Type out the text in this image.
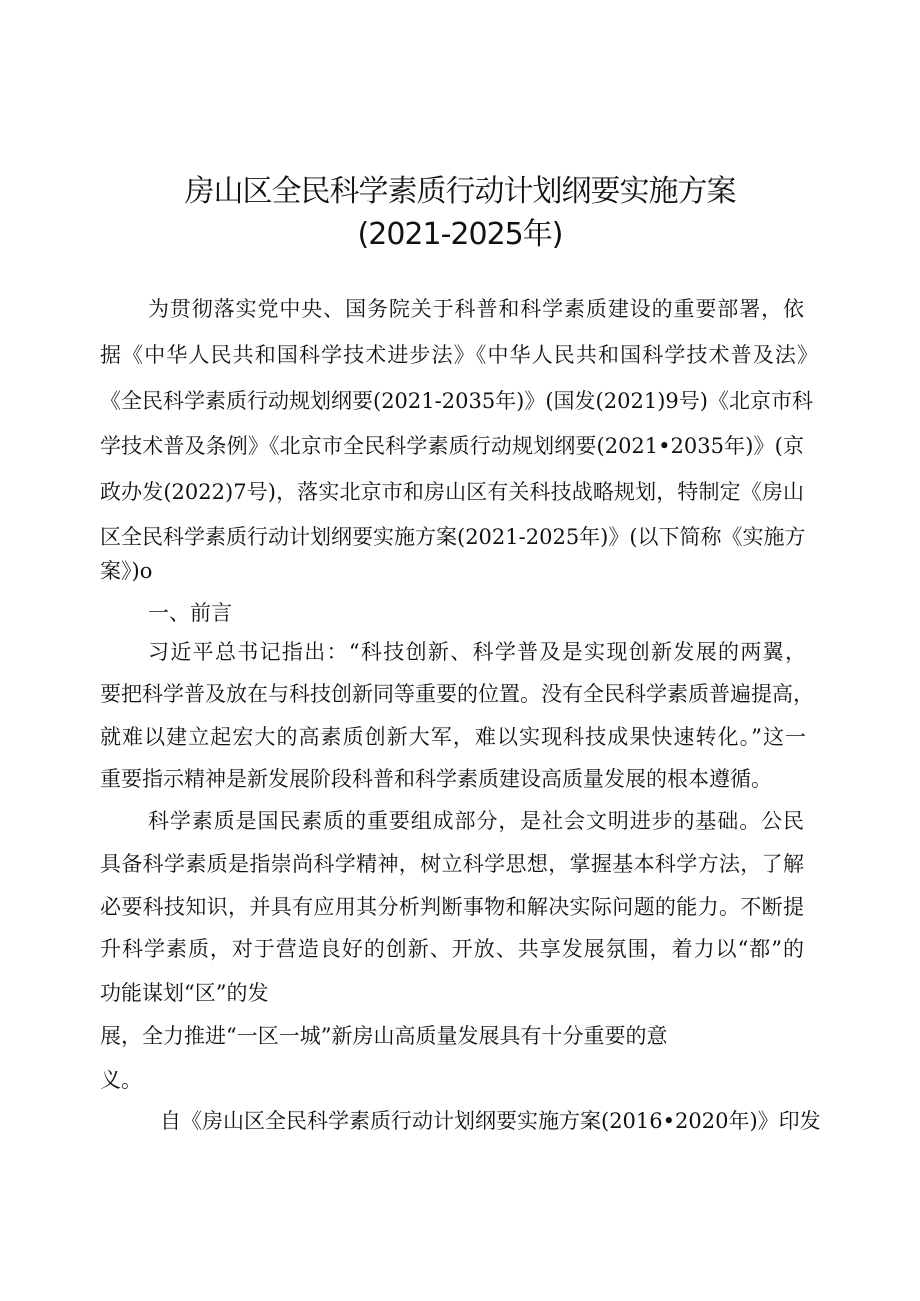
房山区全民科学素质行动计划纲要实施方案
(2021-2025年)
为贯彻落实党中央、国务院关于科普和科学素质建设的重要部署，依
据《中华人民共和国科学技术进步法》《中华人民共和国科学技术普及法》
《全民科学素质行动规划纲要(2021-2035年)》(国发(2021)9号)《北京市科
学技术普及条例》《北京市全民科学素质行动规划纲要(2021•2035年)》(京
政办发(2022)7号)，落实北京市和房山区有关科技战略规划，特制定《房山
区全民科学素质行动计划纲要实施方案(2021-2025年)》(以下简称《实施方
案》)o
一、前言
习近平总书记指出：“科技创新、科学普及是实现创新发展的两翼，
要把科学普及放在与科技创新同等重要的位置。没有全民科学素质普遍提高，
就难以建立起宏大的高素质创新大军，难以实现科技成果快速转化。”这一
重要指示精神是新发展阶段科普和科学素质建设高质量发展的根本遵循。
科学素质是国民素质的重要组成部分，是社会文明进步的基础。公民
具备科学素质是指崇尚科学精神，树立科学思想，掌握基本科学方法，了解
必要科技知识，并具有应用其分析判断事物和解决实际问题的能力。不断提
升科学素质，对于营造良好的创新、开放、共享发展氛围，着力以“都”的
功能谋划“区”的发
展，全力推进“一区一城”新房山高质量发展具有十分重要的意
义。
自《房山区全民科学素质行动计划纲要实施方案(2016•2020年)》印发
